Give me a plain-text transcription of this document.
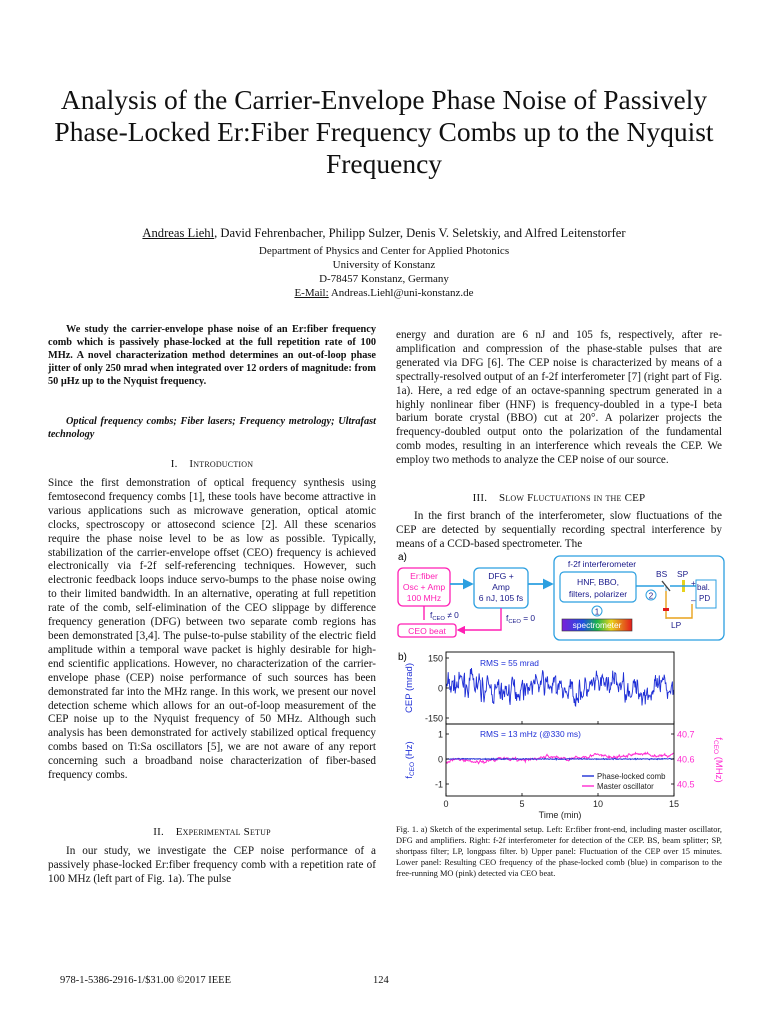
Analysis of the Carrier-Envelope Phase Noise of Passively Phase-Locked Er:Fiber Frequency Combs up to the Nyquist Frequency
Andreas Liehl, David Fehrenbacher, Philipp Sulzer, Denis V. Seletskiy, and Alfred Leitenstorfer
Department of Physics and Center for Applied Photonics
University of Konstanz
D-78457 Konstanz, Germany
E-Mail: Andreas.Liehl@uni-konstanz.de
We study the carrier-envelope phase noise of an Er:fiber frequency comb which is passively phase-locked at the full repetition rate of 100 MHz. A novel characterization method determines an out-of-loop phase jitter of only 250 mrad when integrated over 12 orders of magnitude: from 50 µHz up to the Nyquist frequency.
Optical frequency combs; Fiber lasers; Frequency metrology; Ultrafast technology
I. Introduction
Since the first demonstration of optical frequency synthesis using femtosecond frequency combs [1], these tools have become attractive in various applications such as microwave generation, optical atomic clocks, spectroscopy or attosecond science [2]. All these scenarios require the phase noise level to be as low as possible. Typically, stabilization of the carrier-envelope offset (CEO) frequency is achieved electronically via f-2f self-referencing techniques. However, such electronic feedback loops induce servo-bumps to the phase noise owing to their limited bandwidth. In an alternative, operating at full repetition rate of the comb, self-elimination of the CEO slippage by difference frequency generation (DFG) between two separate comb regions has been demonstrated [3,4]. The pulse-to-pulse stability of the electric field amplitude within a temporal wave packet is highly desirable for high-end scientific applications. However, no characterization of the carrier-envelope phase (CEP) noise performance of such sources has been demonstrated far into the MHz range. In this work, we present our novel detection scheme which allows for an out-of-loop measurement of the CEP noise up to the Nyquist frequency of 50 MHz. Although such analysis has been demonstrated for actively stabilized optical frequency combs based on Ti:Sa oscillators [5], we are not aware of any report concerning such a broadband noise characterization of fiber-based frequency combs.
II. Experimental Setup
In our study, we investigate the CEP noise performance of a passively phase-locked Er:fiber frequency comb with a repetition rate of 100 MHz (left part of Fig. 1a). The pulse
energy and duration are 6 nJ and 105 fs, respectively, after re-amplification and compression of the phase-stable pulses that are generated via DFG [6]. The CEP noise is characterized by means of a spectrally-resolved output of an f-2f interferometer [7] (right part of Fig. 1a). Here, a red edge of an octave-spanning spectrum generated in a highly nonlinear fiber (HNF) is frequency-doubled in a type-I beta barium borate crystal (BBO) cut at 20°. A polarizer projects the frequency-doubled output onto the polarization of the fundamental comb modes, resulting in an interference which reveals the CEP. We employ two methods to analyze the CEP noise of our source.
III. Slow Fluctuations in the CEP
In the first branch of the interferometer, slow fluctuations of the CEP are detected by sequentially recording spectral interference by means of a CCD-based spectrometer. The
a)
Er:fiber
Osc + Amp
100 MHz
DFG +
Amp
6 nJ, 105 fs
$f_{CEO} \ne 0$
CEO beat
$f_{CEO} = 0$
f-2f interferometer
HNF, BBO,
filters, polarizer
1
2
spectrometer
BS SP
LP
bal.
PD
+
–
b) 150
0
-150
CEP (mrad)
RMS = 55 mrad
1
0
-1
40.7
40.6
40.5
$f_{CEO}$ (Hz)
$f_{CEO}$ (MHz)
RMS = 13 mHz (@330 ms)
0	5	10	15
Time (min)
Phase-locked comb
Master oscillator
Fig. 1. a) Sketch of the experimental setup. Left: Er:fiber front-end, including master oscillator, DFG and amplifiers. Right: f-2f interferometer for detection of the CEP. BS, beam splitter; SP, shortpass filter; LP, longpass filter. b) Upper panel: Fluctuation of the CEP over 15 minutes. Lower panel: Resulting CEO frequency of the phase-locked comb (blue) in comparison to the free-running MO (pink) detected via CEO beat.
978-1-5386-2916-1/$31.00 ©2017 IEEE	124
